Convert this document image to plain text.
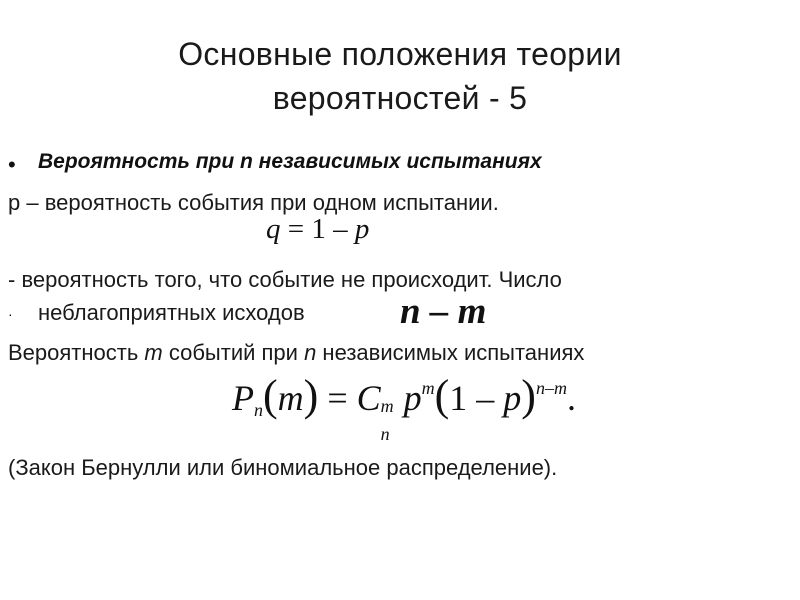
Основные положения теории
вероятностей - 5
• Вероятность при n независимых испытаниях
p – вероятность события при одном испытании.
q = 1 – p
- вероятность того, что событие не происходит. Число
· неблагоприятных исходов	n – m
Вероятность m событий при n независимых испытаниях
$P_n(m) = C$ m
n
$p^m(1 - p)^{n-m}$.
(Закон Бернулли или биномиальное распределение).
